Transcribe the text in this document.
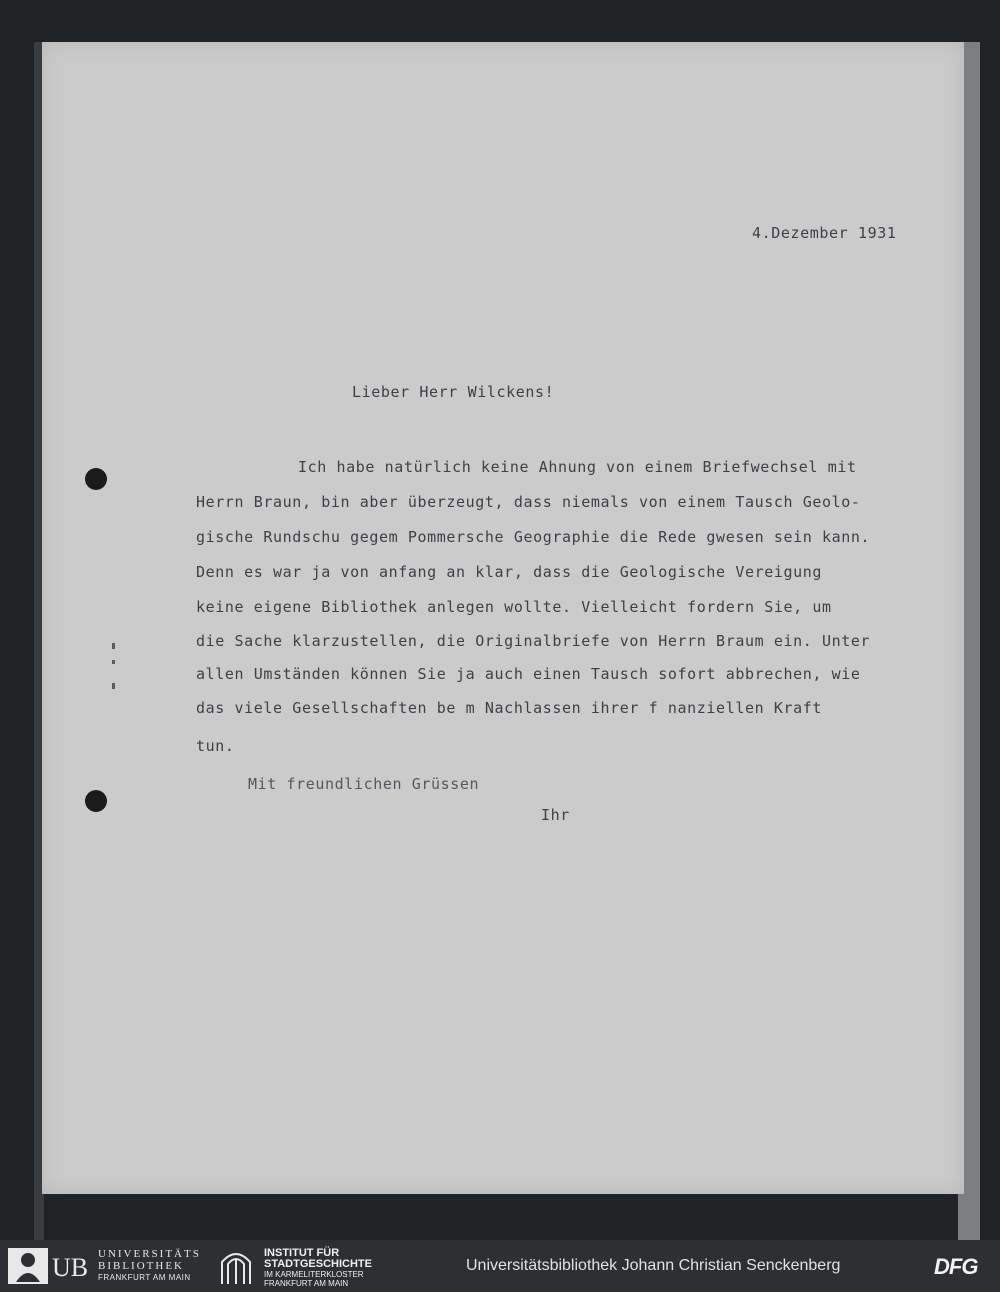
4.Dezember 1931
Lieber Herr Wilckens!
Ich habe natürlich keine Ahnung von einem Briefwechsel mit
Herrn Braun, bin aber überzeugt, dass niemals von einem Tausch Geolo-
gische Rundschu gegem Pommersche Geographie die Rede gwesen sein kann.
Denn es war ja von anfang an klar, dass die Geologische Vereigung
keine eigene Bibliothek anlegen wollte. Vielleicht fordern Sie, um
die Sache klarzustellen, die Originalbriefe von Herrn Braum ein. Unter
allen Umständen können Sie ja auch einen Tausch sofort abbrechen, wie
das viele Gesellschaften be m Nachlassen ihrer f nanziellen Kraft
tun.
Mit freundlichen Grüssen
Ihr
UB UNIVERSITÄTS
BIBLIOTHEK
FRANKFURT AM MAIN
INSTITUT FÜR
STADTGESCHICHTE
IM KARMELITERKLOSTER
FRANKFURT AM MAIN
Universitätsbibliothek Johann Christian Senckenberg	DFG
